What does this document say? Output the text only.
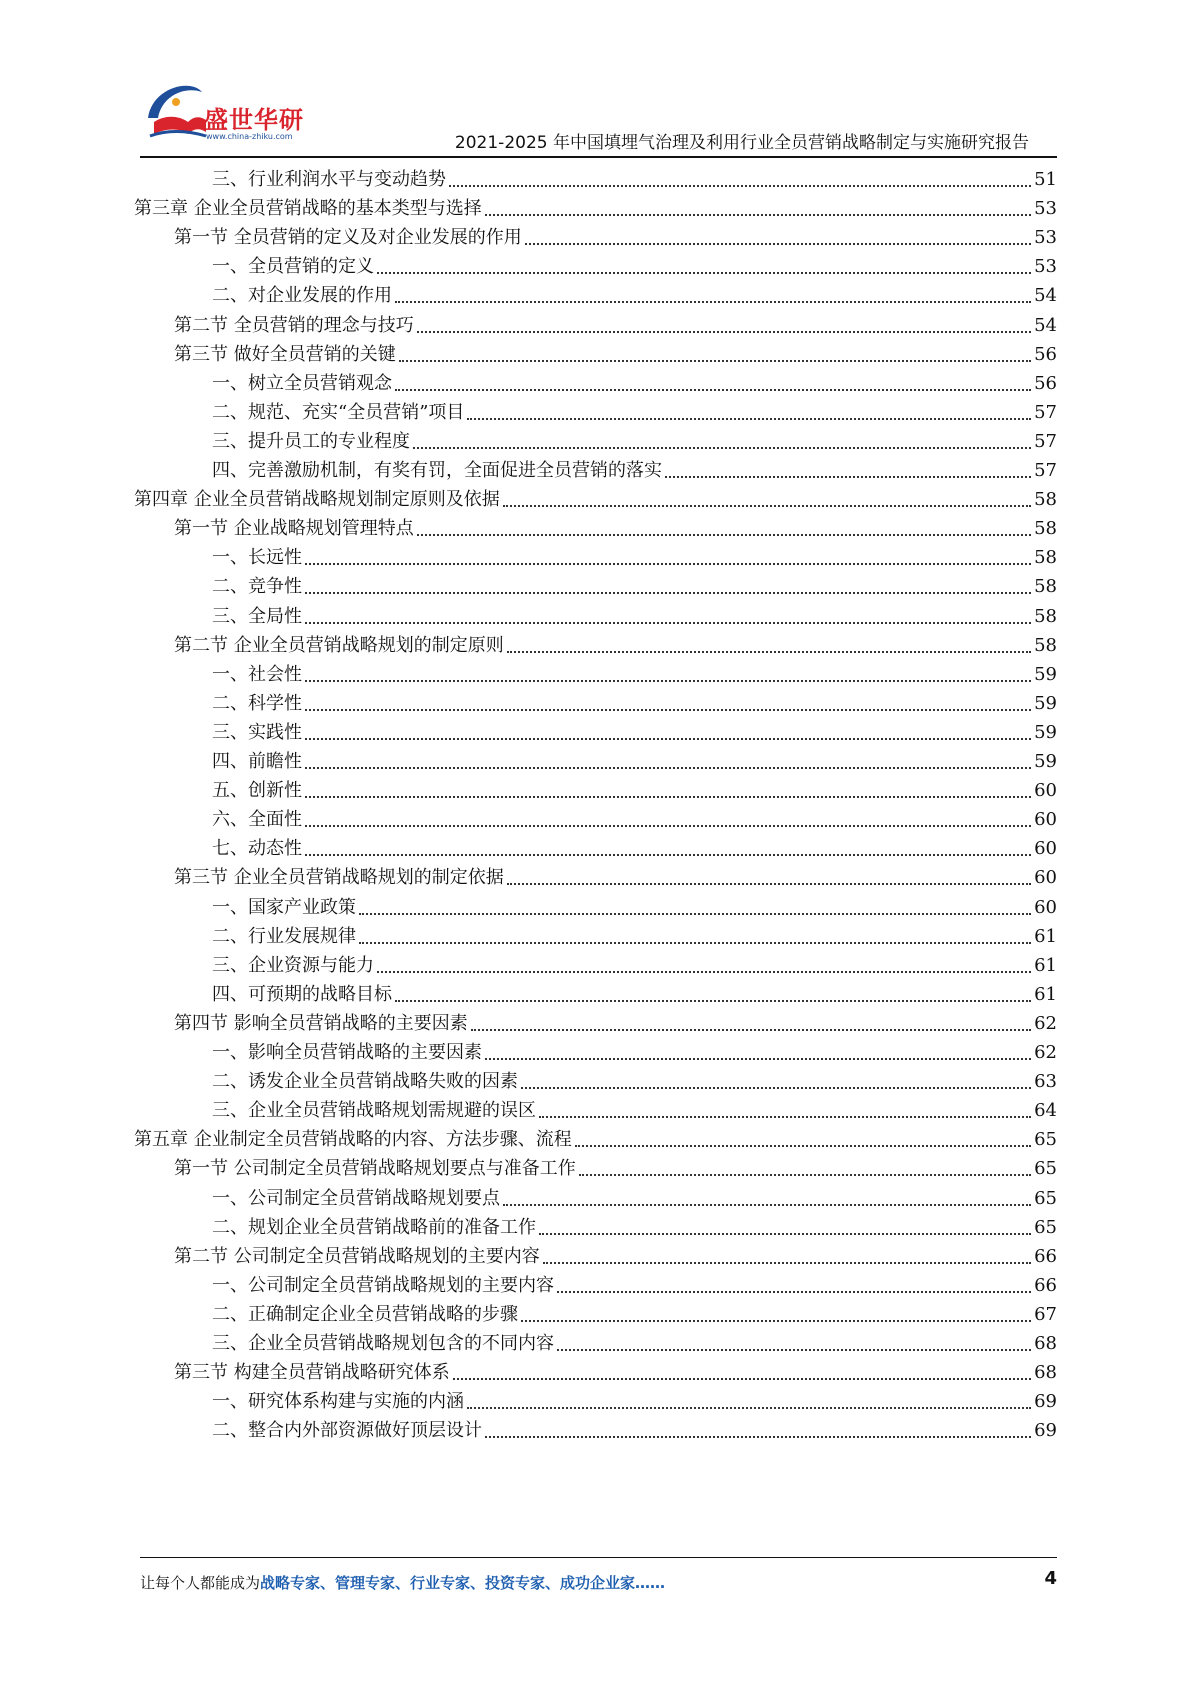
盛世华研
www.china-zhiku.com	2021-2025 年中国填埋气治理及利用行业全员营销战略制定与实施研究报告
三、行业利润水平与变动趋势	51
第三章 企业全员营销战略的基本类型与选择	53
第一节 全员营销的定义及对企业发展的作用	53
一、全员营销的定义	53
二、对企业发展的作用	54
第二节 全员营销的理念与技巧	54
第三节 做好全员营销的关键	56
一、树立全员营销观念	56
二、规范、充实“全员营销”项目	57
三、提升员工的专业程度	57
四、完善激励机制，有奖有罚，全面促进全员营销的落实	57
第四章 企业全员营销战略规划制定原则及依据	58
第一节 企业战略规划管理特点	58
一、长远性	58
二、竞争性	58
三、全局性	58
第二节 企业全员营销战略规划的制定原则	58
一、社会性	59
二、科学性	59
三、实践性	59
四、前瞻性	59
五、创新性	60
六、全面性	60
七、动态性	60
第三节 企业全员营销战略规划的制定依据	60
一、国家产业政策	60
二、行业发展规律	61
三、企业资源与能力	61
四、可预期的战略目标	61
第四节 影响全员营销战略的主要因素	62
一、影响全员营销战略的主要因素	62
二、诱发企业全员营销战略失败的因素	63
三、企业全员营销战略规划需规避的误区	64
第五章 企业制定全员营销战略的内容、方法步骤、流程	65
第一节 公司制定全员营销战略规划要点与准备工作	65
一、公司制定全员营销战略规划要点	65
二、规划企业全员营销战略前的准备工作	65
第二节 公司制定全员营销战略规划的主要内容	66
一、公司制定全员营销战略规划的主要内容	66
二、正确制定企业全员营销战略的步骤	67
三、企业全员营销战略规划包含的不同内容	68
第三节 构建全员营销战略研究体系	68
一、研究体系构建与实施的内涵	69
二、整合内外部资源做好顶层设计	69
让每个人都能成为战略专家、管理专家、行业专家、投资专家、成功企业家……	4
